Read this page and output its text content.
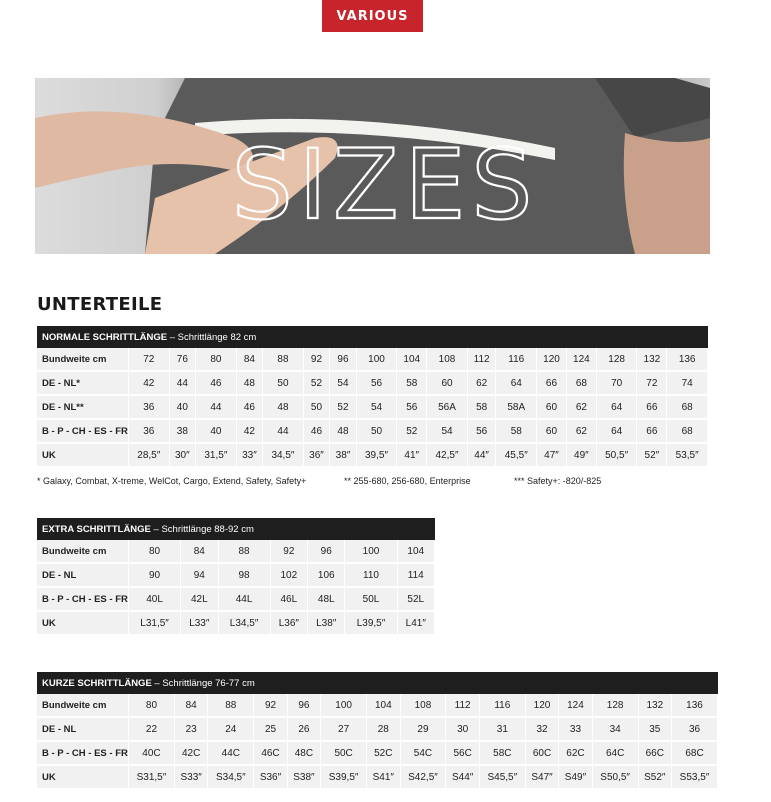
VARIOUS
SIZES
UNTERTEILE
NORMALE SCHRITTLÄNGE – Schrittlänge 82 cm																	
Bundweite cm	72	76	80	84	88	92	96	100	104	108	112	116	120	124	128	132	136
DE - NL*	42	44	46	48	50	52	54	56	58	60	62	64	66	68	70	72	74
DE - NL**	36	40	44	46	48	50	52	54	56	56A	58	58A	60	62	64	66	68
B - P - CH - ES - FR	36	38	40	42	44	46	48	50	52	54	56	58	60	62	64	66	68
UK	28,5″	30″	31,5″	33″	34,5″	36″	38″	39,5″	41″	42,5″	44″	45,5″	47″	49″	50,5″	52″	53,5″
* Galaxy, Combat, X-treme, WelCot, Cargo, Extend, Safety, Safety+	** 255-680, 256-680, Enterprise	*** Safety+: -820/-825
EXTRA SCHRITTLÄNGE – Schrittlänge 88-92 cm							
Bundweite cm	80	84	88	92	96	100	104
DE - NL	90	94	98	102	106	110	114
B - P - CH - ES - FR	40L	42L	44L	46L	48L	50L	52L
UK	L31,5″	L33″	L34,5″	L36″	L38″	L39,5″	L41″
KURZE SCHRITTLÄNGE – Schrittlänge 76-77 cm															
Bundweite cm	80	84	88	92	96	100	104	108	112	116	120	124	128	132	136
DE - NL	22	23	24	25	26	27	28	29	30	31	32	33	34	35	36
B - P - CH - ES - FR	40C	42C	44C	46C	48C	50C	52C	54C	56C	58C	60C	62C	64C	66C	68C
UK	S31,5″	S33″	S34,5″	S36″	S38″	S39,5″	S41″	S42,5″	S44″	S45,5″	S47″	S49″	S50,5″	S52″	S53,5″
